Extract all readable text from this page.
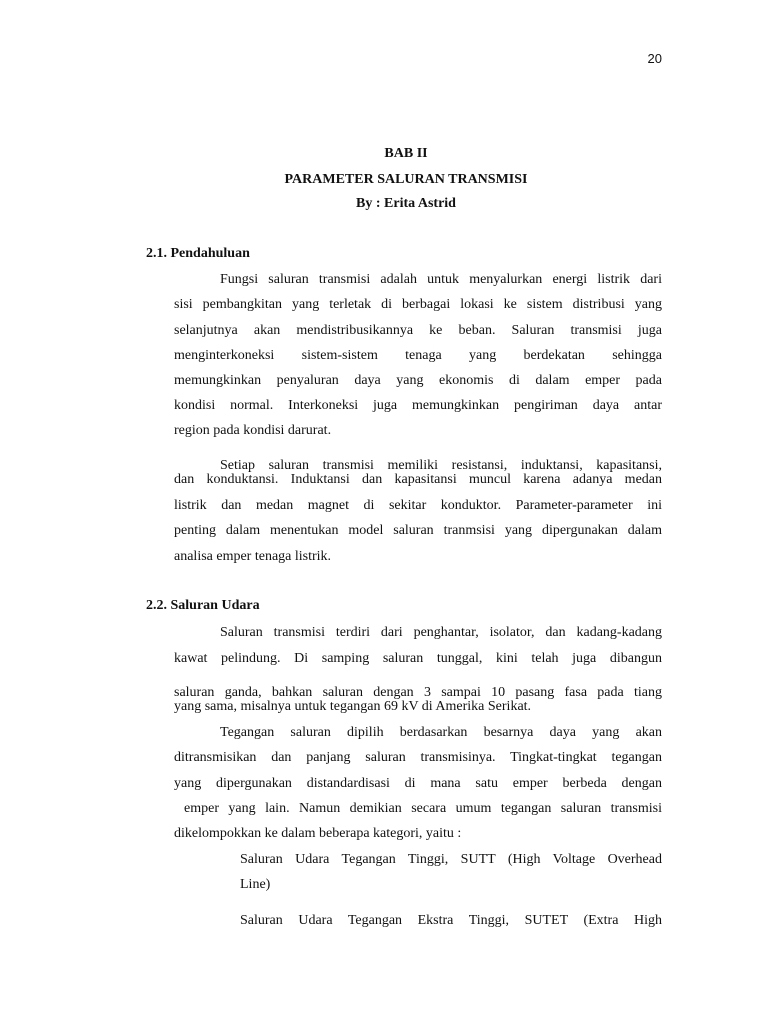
20
BAB II
PARAMETER SALURAN TRANSMISI
By : Erita Astrid
2.1. Pendahuluan
Fungsi saluran transmisi adalah untuk menyalurkan energi listrik dari
sisi pembangkitan yang terletak di berbagai lokasi ke sistem distribusi yang
selanjutnya akan mendistribusikannya ke beban. Saluran transmisi juga
menginterkoneksi sistem-sistem tenaga yang berdekatan sehingga
memungkinkan penyaluran daya yang ekonomis di dalam emper pada
kondisi normal. Interkoneksi juga memungkinkan pengiriman daya antar
region pada kondisi darurat.
Setiap saluran transmisi memiliki resistansi, induktansi, kapasitansi,
dan konduktansi. Induktansi dan kapasitansi muncul karena adanya medan
listrik dan medan magnet di sekitar konduktor. Parameter-parameter ini
penting dalam menentukan model saluran tranmsisi yang dipergunakan dalam
analisa emper tenaga listrik.
2.2. Saluran Udara
Saluran transmisi terdiri dari penghantar, isolator, dan kadang-kadang
kawat pelindung. Di samping saluran tunggal, kini telah juga dibangun
saluran ganda, bahkan saluran dengan 3 sampai 10 pasang fasa pada tiang
yang sama, misalnya untuk tegangan 69 kV di Amerika Serikat.
Tegangan saluran dipilih berdasarkan besarnya daya yang akan
ditransmisikan dan panjang saluran transmisinya. Tingkat-tingkat tegangan
yang dipergunakan distandardisasi di mana satu emper berbeda dengan
emper yang lain. Namun demikian secara umum tegangan saluran transmisi
dikelompokkan ke dalam beberapa kategori, yaitu :
Saluran Udara Tegangan Tinggi, SUTT (High Voltage Overhead
Line)
Saluran Udara Tegangan Ekstra Tinggi, SUTET (Extra High
